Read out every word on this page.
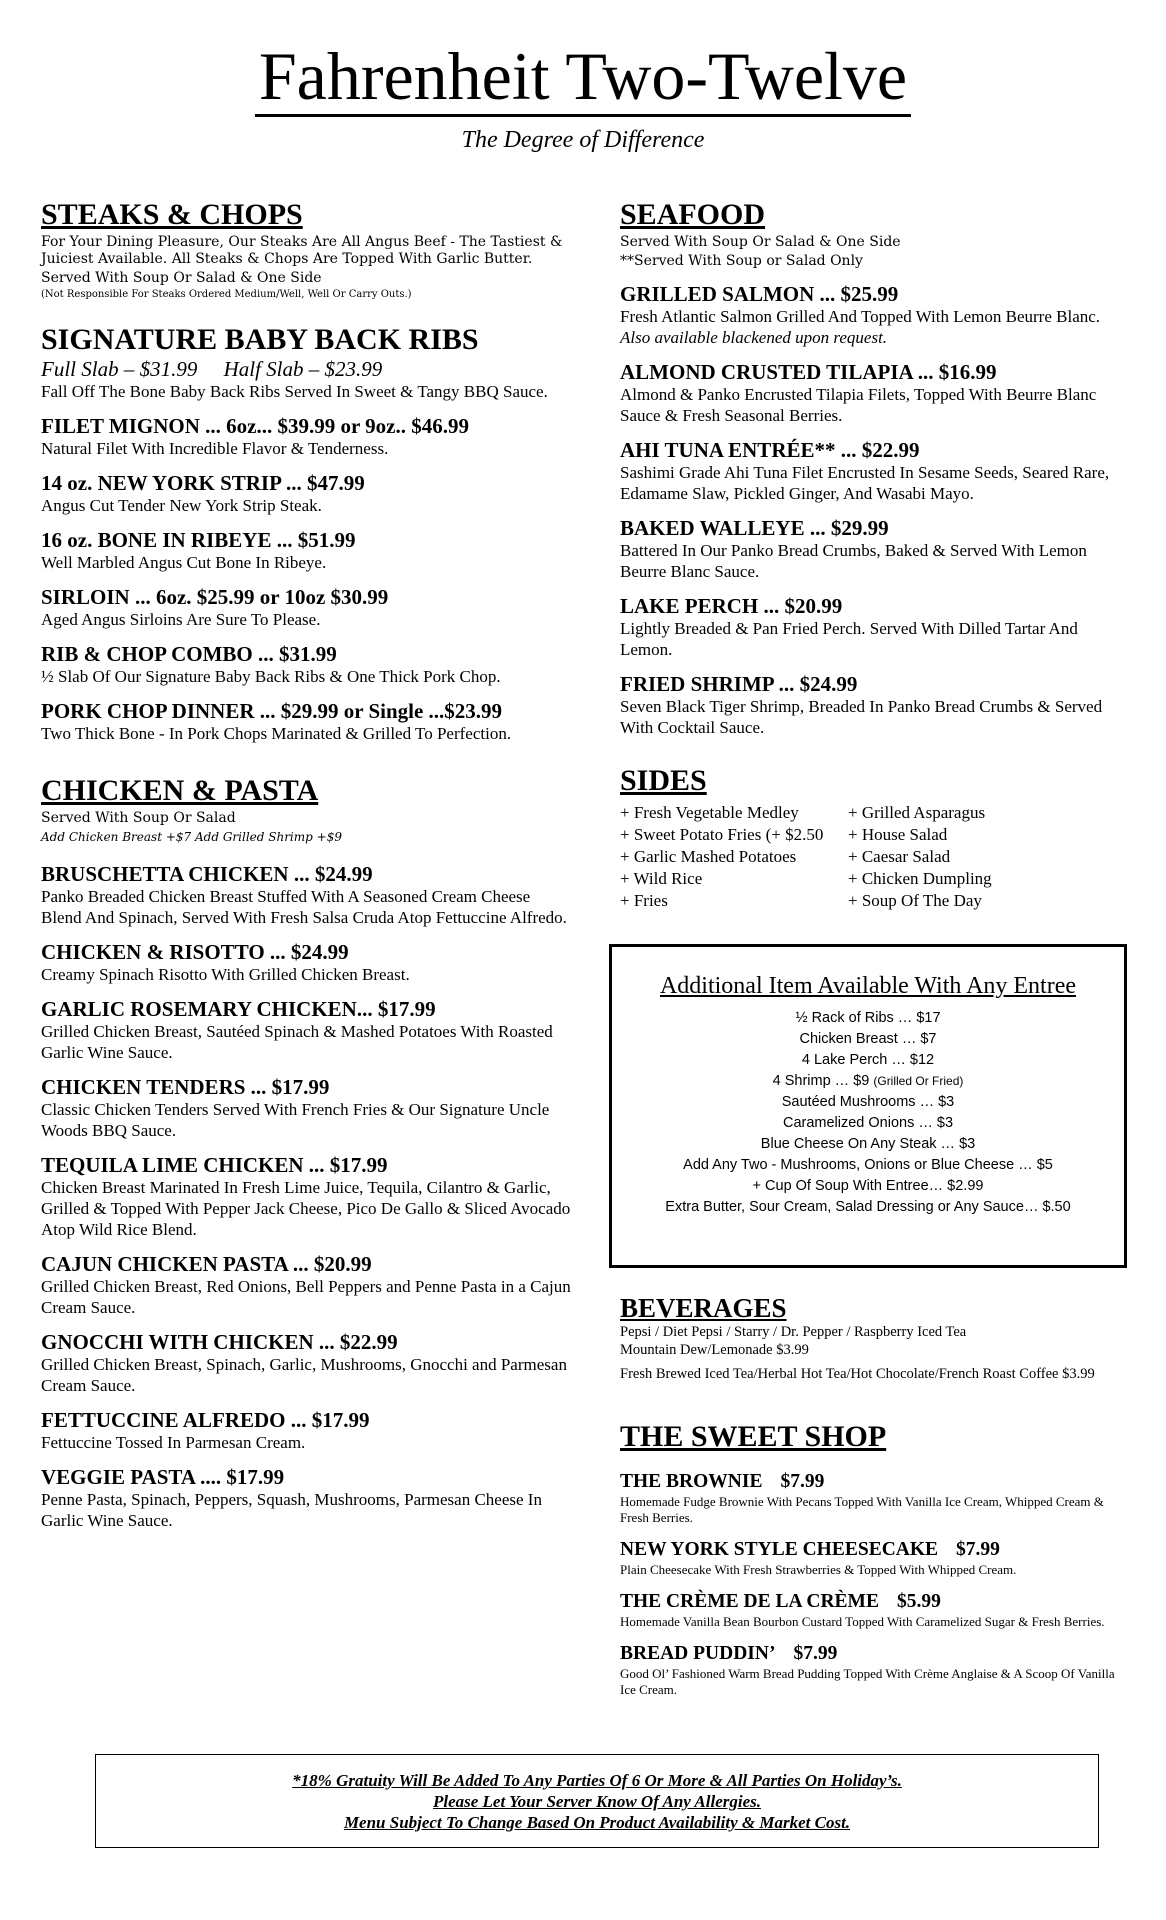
Fahrenheit Two-Twelve
The Degree of Difference
STEAKS & CHOPS
For Your Dining Pleasure, Our Steaks Are All Angus Beef - The Tastiest & Juiciest Available. All Steaks & Chops Are Topped With Garlic Butter.
Served With Soup Or Salad & One Side
(Not Responsible For Steaks Ordered Medium/Well, Well Or Carry Outs.)
SIGNATURE BABY BACK RIBS
Full Slab – $31.99     Half Slab – $23.99
Fall Off The Bone Baby Back Ribs Served In Sweet & Tangy BBQ Sauce.
FILET MIGNON ... 6oz... $39.99 or 9oz.. $46.99
Natural Filet With Incredible Flavor & Tenderness.
14 oz. NEW YORK STRIP ... $47.99
Angus Cut Tender New York Strip Steak.
16 oz. BONE IN RIBEYE ... $51.99
Well Marbled Angus Cut Bone In Ribeye.
SIRLOIN ... 6oz. $25.99 or 10oz $30.99
Aged Angus Sirloins Are Sure To Please.
RIB & CHOP COMBO ... $31.99
½ Slab Of Our Signature Baby Back Ribs & One Thick Pork Chop.
PORK CHOP DINNER ... $29.99 or Single ...$23.99
Two Thick Bone - In Pork Chops Marinated & Grilled To Perfection.
CHICKEN & PASTA
Served With Soup Or Salad
Add Chicken Breast +$7 Add Grilled Shrimp +$9
BRUSCHETTA CHICKEN ... $24.99
Panko Breaded Chicken Breast Stuffed With A Seasoned Cream Cheese Blend And Spinach, Served With Fresh Salsa Cruda Atop Fettuccine Alfredo.
CHICKEN & RISOTTO ... $24.99
Creamy Spinach Risotto With Grilled Chicken Breast.
GARLIC ROSEMARY CHICKEN... $17.99
Grilled Chicken Breast, Sautéed Spinach & Mashed Potatoes With Roasted Garlic Wine Sauce.
CHICKEN TENDERS ... $17.99
Classic Chicken Tenders Served With French Fries & Our Signature Uncle Woods BBQ Sauce.
TEQUILA LIME CHICKEN ... $17.99
Chicken Breast Marinated In Fresh Lime Juice, Tequila, Cilantro & Garlic, Grilled & Topped With Pepper Jack Cheese, Pico De Gallo & Sliced Avocado Atop Wild Rice Blend.
CAJUN CHICKEN PASTA ... $20.99
Grilled Chicken Breast, Red Onions, Bell Peppers and Penne Pasta in a Cajun Cream Sauce.
GNOCCHI WITH CHICKEN ... $22.99
Grilled Chicken Breast, Spinach, Garlic, Mushrooms, Gnocchi and Parmesan Cream Sauce.
FETTUCCINE ALFREDO ... $17.99
Fettuccine Tossed In Parmesan Cream.
VEGGIE PASTA .... $17.99
Penne Pasta, Spinach, Peppers, Squash, Mushrooms, Parmesan Cheese In Garlic Wine Sauce.
SEAFOOD
Served With Soup Or Salad & One Side
**Served With Soup or Salad Only
GRILLED SALMON ... $25.99
Fresh Atlantic Salmon Grilled And Topped With Lemon Beurre Blanc. Also available blackened upon request.
ALMOND CRUSTED TILAPIA ... $16.99
Almond & Panko Encrusted Tilapia Filets, Topped With Beurre Blanc Sauce & Fresh Seasonal Berries.
AHI TUNA ENTRÉE** ... $22.99
Sashimi Grade Ahi Tuna Filet Encrusted In Sesame Seeds, Seared Rare, Edamame Slaw, Pickled Ginger, And Wasabi Mayo.
BAKED WALLEYE ... $29.99
Battered In Our Panko Bread Crumbs, Baked & Served With Lemon Beurre Blanc Sauce.
LAKE PERCH ... $20.99
Lightly Breaded & Pan Fried Perch. Served With Dilled Tartar And Lemon.
FRIED SHRIMP ... $24.99
Seven Black Tiger Shrimp, Breaded In Panko Bread Crumbs & Served With Cocktail Sauce.
SIDES
+ Fresh Vegetable Medley	+ Grilled Asparagus
+ Sweet Potato Fries (+ $2.50	+ House Salad
+ Garlic Mashed Potatoes	+ Caesar Salad
+ Wild Rice	+ Chicken Dumpling
+ Fries	+ Soup Of The Day
Additional Item Available With Any Entree
½ Rack of Ribs … $17
Chicken Breast … $7
4 Lake Perch … $12
4 Shrimp … $9 (Grilled Or Fried)
Sautéed Mushrooms … $3
Caramelized Onions … $3
Blue Cheese On Any Steak … $3
Add Any Two - Mushrooms, Onions or Blue Cheese … $5
+ Cup Of Soup With Entree… $2.99
Extra Butter, Sour Cream, Salad Dressing or Any Sauce… $.50
BEVERAGES
Pepsi / Diet Pepsi / Starry / Dr. Pepper / Raspberry Iced Tea
Mountain Dew/Lemonade $3.99
Fresh Brewed Iced Tea/Herbal Hot Tea/Hot Chocolate/French Roast Coffee $3.99
THE SWEET SHOP
THE BROWNIE $7.99
Homemade Fudge Brownie With Pecans Topped With Vanilla Ice Cream, Whipped Cream & Fresh Berries.
NEW YORK STYLE CHEESECAKE $7.99
Plain Cheesecake With Fresh Strawberries & Topped With Whipped Cream.
THE CRÈME DE LA CRÈME $5.99
Homemade Vanilla Bean Bourbon Custard Topped With Caramelized Sugar & Fresh Berries.
BREAD PUDDIN’ $7.99
Good Ol’ Fashioned Warm Bread Pudding Topped With Crème Anglaise & A Scoop Of Vanilla Ice Cream.
*18% Gratuity Will Be Added To Any Parties Of 6 Or More & All Parties On Holiday’s.
Please Let Your Server Know Of Any Allergies.
Menu Subject To Change Based On Product Availability & Market Cost.
